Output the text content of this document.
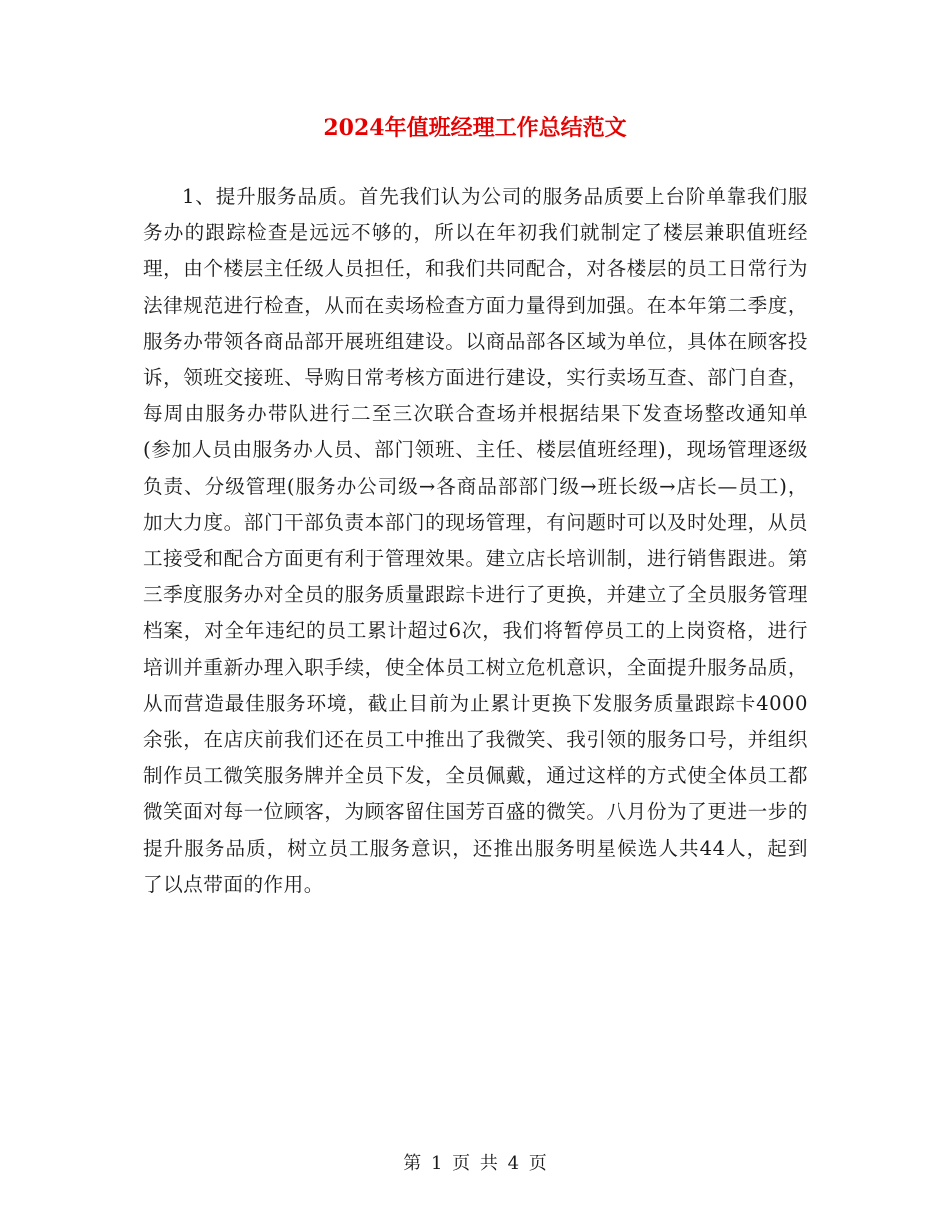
2024年值班经理工作总结范文

1、提升服务品质。首先我们认为公司的服务品质要上台阶单靠我们服务办的跟踪检查是远远不够的，所以在年初我们就制定了楼层兼职值班经理，由个楼层主任级人员担任，和我们共同配合，对各楼层的员工日常行为法律规范进行检查，从而在卖场检查方面力量得到加强。在本年第二季度，服务办带领各商品部开展班组建设。以商品部各区域为单位，具体在顾客投诉，领班交接班、导购日常考核方面进行建设，实行卖场互查、部门自查，每周由服务办带队进行二至三次联合查场并根据结果下发查场整改通知单(参加人员由服务办人员、部门领班、主任、楼层值班经理)，现场管理逐级负责、分级管理(服务办公司级→各商品部部门级→班长级→店长—员工)，加大力度。部门干部负责本部门的现场管理，有问题时可以及时处理，从员工接受和配合方面更有利于管理效果。建立店长培训制，进行销售跟进。第三季度服务办对全员的服务质量跟踪卡进行了更换，并建立了全员服务管理档案，对全年违纪的员工累计超过6次，我们将暂停员工的上岗资格，进行培训并重新办理入职手续，使全体员工树立危机意识，全面提升服务品质，从而营造最佳服务环境，截止目前为止累计更换下发服务质量跟踪卡4000余张，在店庆前我们还在员工中推出了我微笑、我引领的服务口号，并组织制作员工微笑服务牌并全员下发，全员佩戴，通过这样的方式使全体员工都微笑面对每一位顾客，为顾客留住国芳百盛的微笑。八月份为了更进一步的提升服务品质，树立员工服务意识，还推出服务明星候选人共44人，起到了以点带面的作用。

第 1 页 共 4 页
